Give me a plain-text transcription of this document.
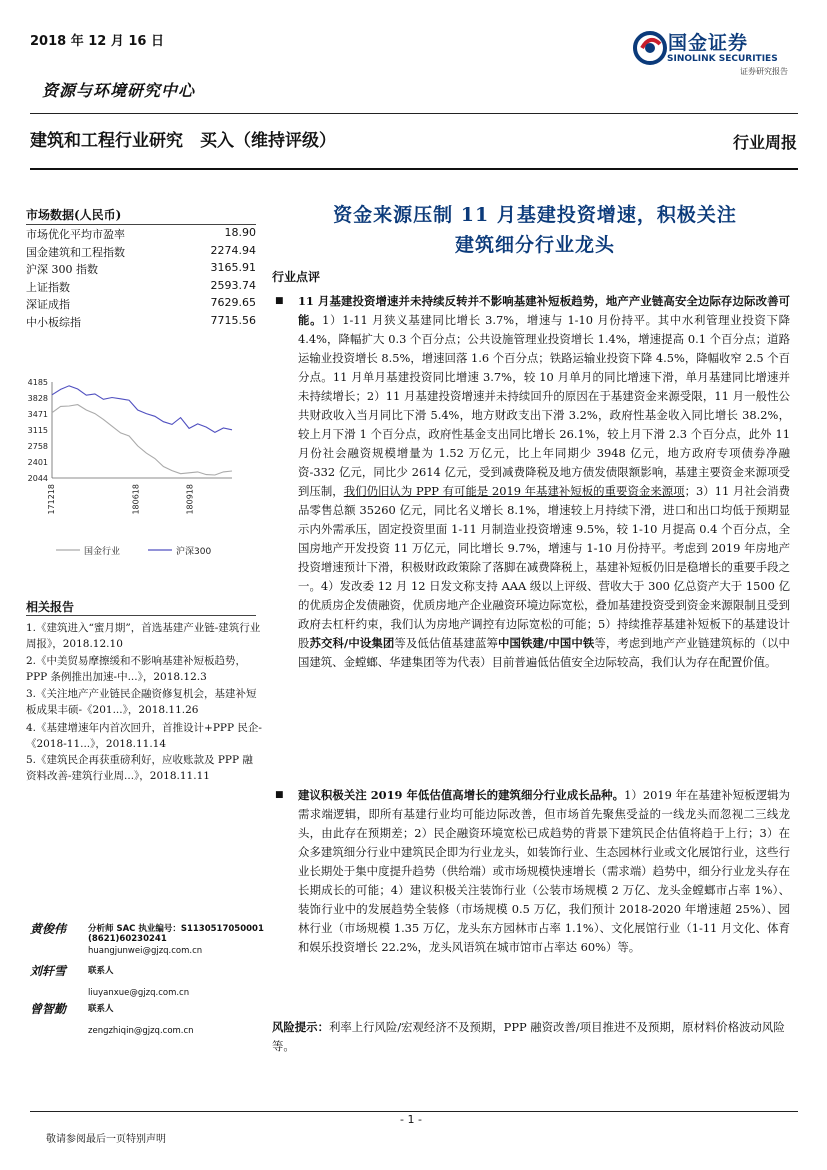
2018 年 12 月 16 日
资源与环境研究中心
国金证券
SINOLINK SECURITIES
证券研究报告
建筑和工程行业研究　买入（维持评级）	行业周报
市场数据(人民币)
市场优化平均市盈率	18.90
国金建筑和工程指数	2274.94
沪深 300 指数	3165.91
上证指数	2593.74
深证成指	7629.65
中小板综指	7715.56
4185
3828
3471
3115
2758
2401
2044
171218	180618	180918
国金行业	沪深300
相关报告
1.《建筑进入“蜜月期”，首选基建产业链-建筑行业周报》，2018.12.10
2.《中美贸易摩擦缓和不影响基建补短板趋势，PPP 条例推出加速-中...》，2018.12.3
3.《关注地产产业链民企融资修复机会，基建补短板成果丰硕-《201...》，2018.11.26
4.《基建增速年内首次回升，首推设计+PPP 民企-《2018-11...》，2018.11.14
5.《建筑民企再获重磅利好，应收账款及 PPP 融资料改善-建筑行业周...》，2018.11.11
黄俊伟	分析师 SAC 执业编号：S1130517050001
(8621)60230241
huangjunwei@gjzq.com.cn
刘轩雪	联系人
liuyanxue@gjzq.com.cn
曾智勤	联系人
zengzhiqin@gjzq.com.cn
资金来源压制 11 月基建投资增速，积极关注
建筑细分行业龙头
行业点评
■ 11 月基建投资增速并未持续反转并不影响基建补短板趋势，地产产业链高安全边际存边际改善可能。1）1-11 月狭义基建同比增长 3.7%，增速与 1-10 月份持平。其中水利管理业投资下降 4.4%，降幅扩大 0.3 个百分点；公共设施管理业投资增长 1.4%，增速提高 0.1 个百分点；道路运输业投资增长 8.5%，增速回落 1.6 个百分点；铁路运输业投资下降 4.5%，降幅收窄 2.5 个百分点。11 月单月基建投资同比增速 3.7%，较 10 月单月的同比增速下滑，单月基建同比增速并未持续增长；2）11 月基建投资增速并未持续回升的原因在于基建资金来源受限，11 月一般性公共财政收入当月同比下滑 5.4%，地方财政支出下滑 3.2%，政府性基金收入同比增长 38.2%，较上月下滑 1 个百分点，政府性基金支出同比增长 26.1%，较上月下滑 2.3 个百分点，此外 11 月份社会融资规模增量为 1.52 万亿元，比上年同期少 3948 亿元，地方政府专项债券净融资-332 亿元，同比少 2614 亿元，受到减费降税及地方债发债限额影响，基建主要资金来源项受到压制，我们仍旧认为 PPP 有可能是 2019 年基建补短板的重要资金来源项；3）11 月社会消费品零售总额 35260 亿元，同比名义增长 8.1%，增速较上月持续下滑，进口和出口均低于预期显示内外需承压，固定投资里面 1-11 月制造业投资增速 9.5%，较 1-10 月提高 0.4 个百分点，全国房地产开发投资 11 万亿元，同比增长 9.7%，增速与 1-10 月份持平。考虑到 2019 年房地产投资增速预计下滑，积极财政政策除了落脚在减费降税上，基建补短板仍旧是稳增长的重要手段之一。4）发改委 12 月 12 日发文称支持 AAA 级以上评级、营收大于 300 亿总资产大于 1500 亿的优质房企发债融资，优质房地产企业融资环境边际宽松，叠加基建投资受到资金来源限制且受到政府去杠杆约束，我们认为房地产调控有边际宽松的可能；5）持续推荐基建补短板下的基建设计股苏交科/中设集团等及低估值基建蓝筹中国铁建/中国中铁等，考虑到地产产业链建筑标的（以中国建筑、金螳螂、华建集团等为代表）目前普遍低估值安全边际较高，我们认为存在配置价值。
■ 建议积极关注 2019 年低估值高增长的建筑细分行业成长品种。1）2019 年在基建补短板逻辑为需求端逻辑，即所有基建行业均可能边际改善，但市场首先聚焦受益的一线龙头而忽视二三线龙头，由此存在预期差；2）民企融资环境宽松已成趋势的背景下建筑民企估值将趋于上行；3）在众多建筑细分行业中建筑民企即为行业龙头，如装饰行业、生态园林行业或文化展馆行业，这些行业长期处于集中度提升趋势（供给端）或市场规模快速增长（需求端）趋势中，细分行业龙头存在长期成长的可能；4）建议积极关注装饰行业（公装市场规模 2 万亿、龙头金螳螂市占率 1%）、装饰行业中的发展趋势全装修（市场规模 0.5 万亿，我们预计 2018-2020 年增速超 25%）、园林行业（市场规模 1.35 万亿，龙头东方园林市占率 1.1%）、文化展馆行业（1-11 月文化、体育和娱乐投资增长 22.2%，龙头风语筑在城市馆市占率达 60%）等。
风险提示：利率上行风险/宏观经济不及预期，PPP 融资改善/项目推进不及预期，原材料价格波动风险等。
- 1 -
敬请参阅最后一页特别声明
